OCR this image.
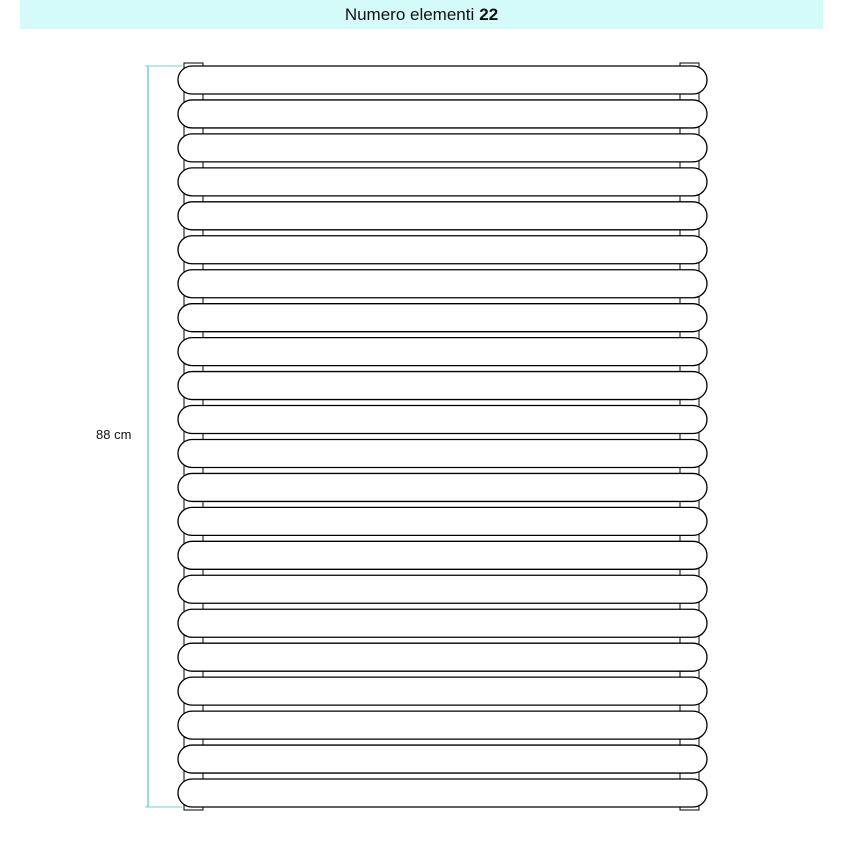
Numero elementi 22
88 cm
